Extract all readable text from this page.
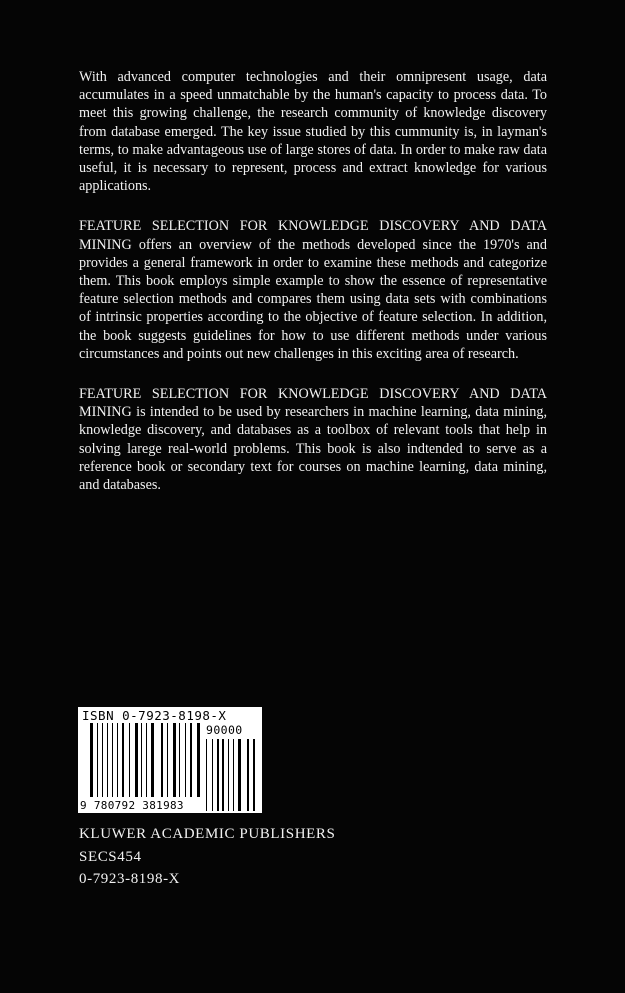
With advanced computer technologies and their omnipresent usage, data accumulates in a speed unmatchable by the human's capacity to process data. To meet this growing challenge, the research community of knowledge discovery from database emerged. The key issue studied by this cummunity is, in layman's terms, to make advantageous use of large stores of data. In order to make raw data useful, it is necessary to represent, process and extract knowledge for various applications.

FEATURE SELECTION FOR KNOWLEDGE DISCOVERY AND DATA MINING offers an overview of the methods developed since the 1970's and provides a general framework in order to examine these methods and categorize them. This book employs simple example to show the essence of representative feature selection methods and compares them using data sets with combinations of intrinsic properties according to the objective of feature selection. In addition, the book suggests guidelines for how to use different methods under various circumstances and points out new challenges in this exciting area of research.

FEATURE SELECTION FOR KNOWLEDGE DISCOVERY AND DATA MINING is intended to be used by researchers in machine learning, data mining, knowledge discovery, and databases as a toolbox of relevant tools that help in solving larege real-world problems. This book is also indtended to serve as a reference book or secondary text for courses on machine learning, data mining, and databases.

ISBN 0-7923-8198-X
90000
9 780792 381983
KLUWER ACADEMIC PUBLISHERS
SECS454
0-7923-8198-X
